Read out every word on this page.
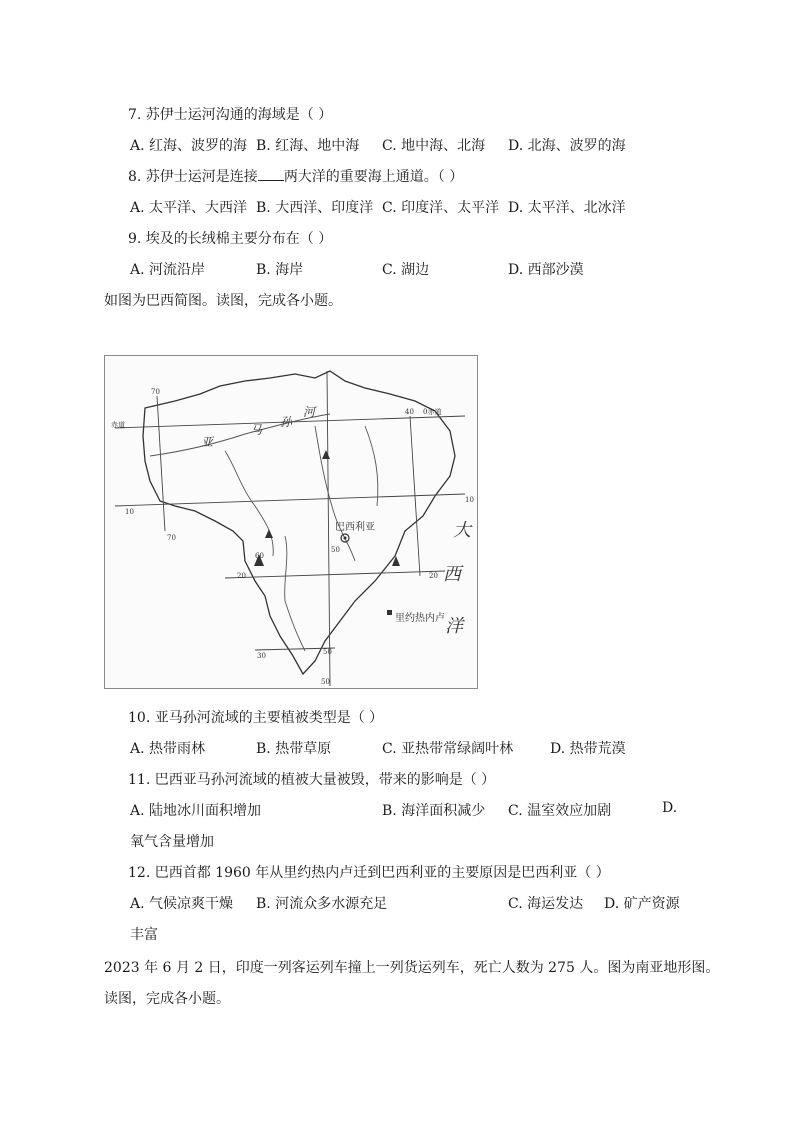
7. 苏伊士运河沟通的海域是（ ）
A. 红海、波罗的海 B. 红海、地中海 C. 地中海、北海 D. 北海、波罗的海
8. 苏伊士运河是连接 两大洋的重要海上通道。（ ）
A. 太平洋、大西洋 B. 大西洋、印度洋 C. 印度洋、太平洋 D. 太平洋、北冰洋
9. 埃及的长绒棉主要分布在（ ）
A. 河流沿岸	B. 海岸	C. 湖边	D. 西部沙漠
如图为巴西简图。读图，完成各小题。
赤道
0赤道
亚
马
孙
河
巴西利亚
里约热内卢
大
西
洋
70
70
60
50
50
40
10
10
20	20
30	50
10. 亚马孙河流域的主要植被类型是（ ）
A. 热带雨林	B. 热带草原	C. 亚热带常绿阔叶林	D. 热带荒漠
11. 巴西亚马孙河流域的植被大量被毁，带来的影响是（ ）
A. 陆地冰川面积增加	B. 海洋面积减少 C. 温室效应加剧	D.
氧气含量增加
12. 巴西首都 1960 年从里约热内卢迁到巴西利亚的主要原因是巴西利亚（ ）
A. 气候凉爽干燥 B. 河流众多水源充足	C. 海运发达 D. 矿产资源
丰富
2023 年 6 月 2 日，印度一列客运列车撞上一列货运列车，死亡人数为 275 人。图为南亚地形图。
读图，完成各小题。
